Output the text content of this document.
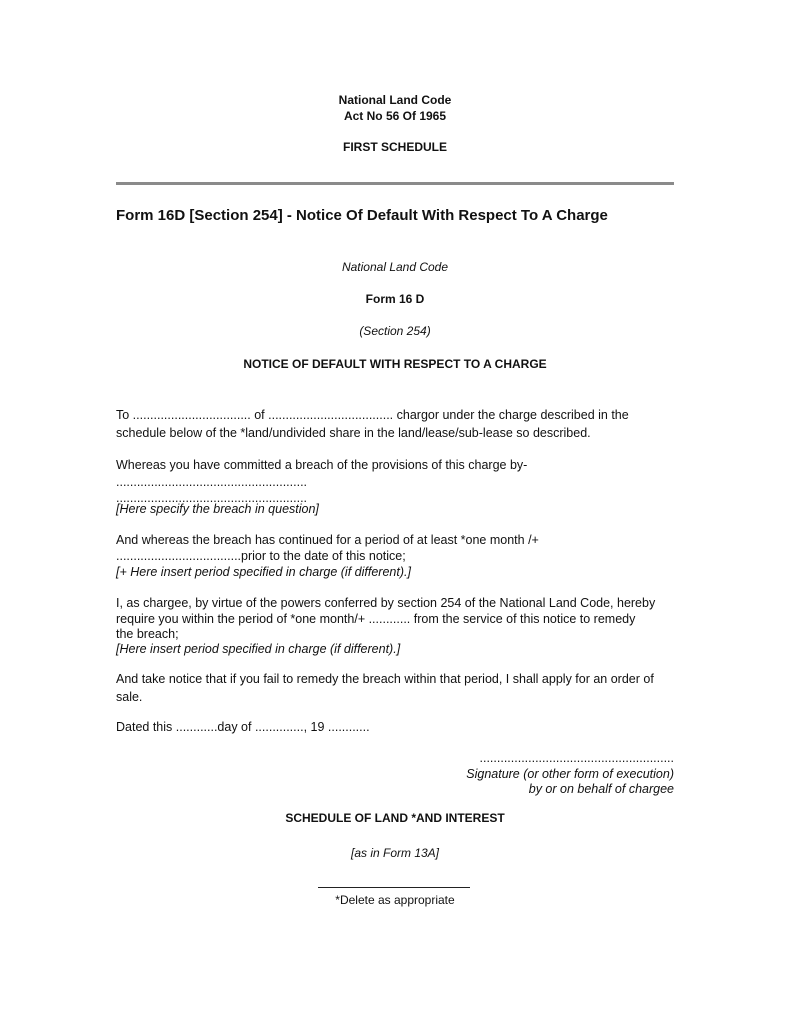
National Land Code
Act No 56 Of 1965
FIRST SCHEDULE
Form 16D [Section 254] - Notice Of Default With Respect To A Charge
National Land Code
Form 16 D
(Section 254)
NOTICE OF DEFAULT WITH RESPECT TO A CHARGE
To .................................. of .................................... chargor under the charge described in the
schedule below of the *land/undivided share in the land/lease/sub-lease so described.
Whereas you have committed a breach of the provisions of this charge by-
.......................................................
.......................................................
[Here specify the breach in question]
And whereas the breach has continued for a period of at least *one month /+
....................................prior to the date of this notice;
[+ Here insert period specified in charge (if different).]
I, as chargee, by virtue of the powers conferred by section 254 of the National Land Code, hereby
require you within the period of *one month/+ ............ from the service of this notice to remedy
the breach;
[Here insert period specified in charge (if different).]
And take notice that if you fail to remedy the breach within that period, I shall apply for an order of
sale.
Dated this ............day of .............., 19 ............
........................................................
Signature (or other form of execution)
by or on behalf of chargee
SCHEDULE OF LAND *AND INTEREST
[as in Form 13A]
*Delete as appropriate
